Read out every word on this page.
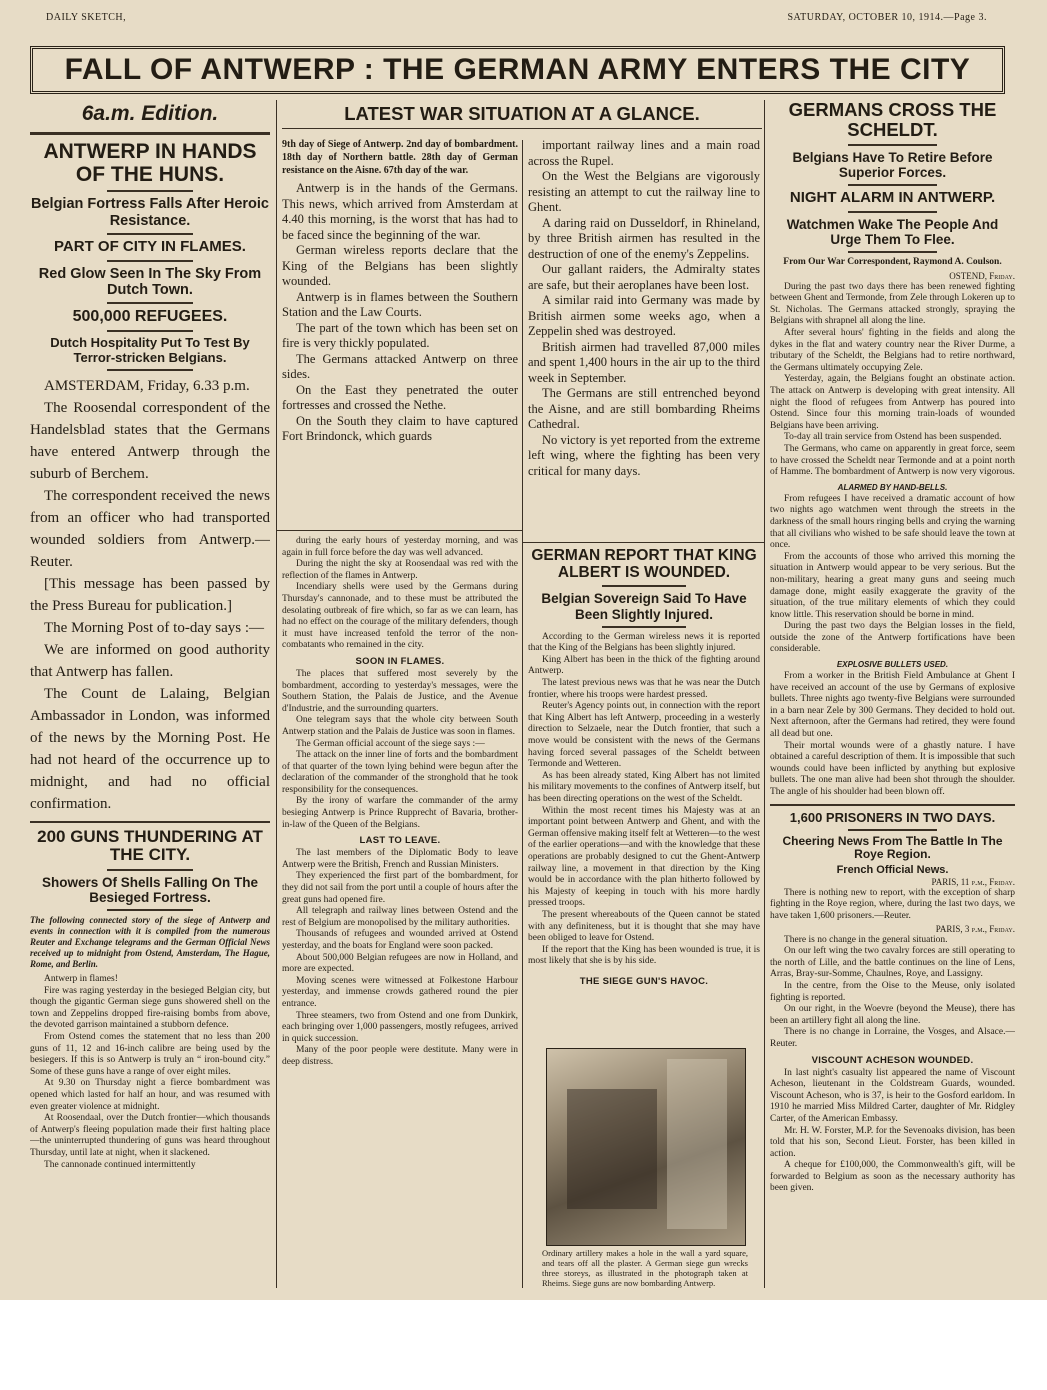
DAILY SKETCH,	SATURDAY, OCTOBER 10, 1914.—Page 3.
FALL OF ANTWERP : THE GERMAN ARMY ENTERS THE CITY
6a.m. Edition.
ANTWERP IN HANDS OF THE HUNS.
Belgian Fortress Falls After Heroic Resistance.
PART OF CITY IN FLAMES.
Red Glow Seen In The Sky From Dutch Town.
500,000 REFUGEES.
Dutch Hospitality Put To Test By Terror-stricken Belgians.

AMSTERDAM, Friday, 6.33 p.m.

The Roosendal correspondent of the Handelsblad states that the Germans have entered Antwerp through the suburb of Berchem.

The correspondent received the news from an officer who had transported wounded soldiers from Antwerp.—Reuter.

[This message has been passed by the Press Bureau for publication.]

The Morning Post of to-day says :—

We are informed on good authority that Antwerp has fallen.

The Count de Lalaing, Belgian Ambassador in London, was informed of the news by the Morning Post. He had not heard of the occurrence up to midnight, and had no official confirmation.

200 GUNS THUNDERING AT THE CITY.
Showers Of Shells Falling On The Besieged Fortress.

The following connected story of the siege of Antwerp and events in connection with it is compiled from the numerous Reuter and Exchange telegrams and the German Official News received up to midnight from Ostend, Amsterdam, The Hague, Rome, and Berlin.

Antwerp in flames!

Fire was raging yesterday in the besieged Belgian city, but though the gigantic German siege guns showered shell on the town and Zeppelins dropped fire-raising bombs from above, the devoted garrison maintained a stubborn defence.

From Ostend comes the statement that no less than 200 guns of 11, 12 and 16-inch calibre are being used by the besiegers. If this is so Antwerp is truly an “ iron-bound city.” Some of these guns have a range of over eight miles.

At 9.30 on Thursday night a fierce bombardment was opened which lasted for half an hour, and was resumed with even greater violence at midnight.

At Roosendaal, over the Dutch frontier—which thousands of Antwerp's fleeing population made their first halting place—the uninterrupted thundering of guns was heard throughout Thursday, until late at night, when it slackened.

The cannonade continued intermittently

LATEST WAR SITUATION AT A GLANCE.

9th day of Siege of Antwerp. 2nd day of bombardment. 18th day of Northern battle. 28th day of German resistance on the Aisne. 67th day of the war.

Antwerp is in the hands of the Germans. This news, which arrived from Amsterdam at 4.40 this morning, is the worst that has had to be faced since the beginning of the war.

German wireless reports declare that the King of the Belgians has been slightly wounded.

Antwerp is in flames between the Southern Station and the Law Courts.

The part of the town which has been set on fire is very thickly populated.

The Germans attacked Antwerp on three sides.

On the East they penetrated the outer fortresses and crossed the Nethe.

On the South they claim to have captured Fort Brindonck, which guards

important railway lines and a main road across the Rupel.

On the West the Belgians are vigorously resisting an attempt to cut the railway line to Ghent.

A daring raid on Dusseldorf, in Rhineland, by three British airmen has resulted in the destruction of one of the enemy's Zeppelins.

Our gallant raiders, the Admiralty states are safe, but their aeroplanes have been lost.

A similar raid into Germany was made by British airmen some weeks ago, when a Zeppelin shed was destroyed.

British airmen had travelled 87,000 miles and spent 1,400 hours in the air up to the third week in September.

The Germans are still entrenched beyond the Aisne, and are still bombarding Rheims Cathedral.

No victory is yet reported from the extreme left wing, where the fighting has been very critical for many days.

during the early hours of yesterday morning, and was again in full force before the day was well advanced.

During the night the sky at Roosendaal was red with the reflection of the flames in Antwerp.

Incendiary shells were used by the Germans during Thursday's cannonade, and to these must be attributed the desolating outbreak of fire which, so far as we can learn, has had no effect on the courage of the military defenders, though it must have increased tenfold the terror of the non-combatants who remained in the city.

SOON IN FLAMES.

The places that suffered most severely by the bombardment, according to yesterday's messages, were the Southern Station, the Palais de Justice, and the Avenue d'Industrie, and the surrounding quarters.

One telegram says that the whole city between South Antwerp station and the Palais de Justice was soon in flames.

The German official account of the siege says :—

The attack on the inner line of forts and the bombardment of that quarter of the town lying behind were begun after the declaration of the commander of the stronghold that he took responsibility for the consequences.

By the irony of warfare the commander of the army besieging Antwerp is Prince Rupprecht of Bavaria, brother-in-law of the Queen of the Belgians.

LAST TO LEAVE.

The last members of the Diplomatic Body to leave Antwerp were the British, French and Russian Ministers.

They experienced the first part of the bombardment, for they did not sail from the port until a couple of hours after the great guns had opened fire.

All telegraph and railway lines between Ostend and the rest of Belgium are monopolised by the military authorities.

Thousands of refugees and wounded arrived at Ostend yesterday, and the boats for England were soon packed.

About 500,000 Belgian refugees are now in Holland, and more are expected.

Moving scenes were witnessed at Folkestone Harbour yesterday, and immense crowds gathered round the pier entrance.

Three steamers, two from Ostend and one from Dunkirk, each bringing over 1,000 passengers, mostly refugees, arrived in quick succession.

Many of the poor people were destitute. Many were in deep distress.

GERMAN REPORT THAT KING ALBERT IS WOUNDED.
Belgian Sovereign Said To Have Been Slightly Injured.

According to the German wireless news it is reported that the King of the Belgians has been slightly injured.

King Albert has been in the thick of the fighting around Antwerp.

The latest previous news was that he was near the Dutch frontier, where his troops were hardest pressed.

Reuter's Agency points out, in connection with the report that King Albert has left Antwerp, proceeding in a westerly direction to Selzaele, near the Dutch frontier, that such a move would be consistent with the news of the Germans having forced several passages of the Scheldt between Termonde and Wetteren.

As has been already stated, King Albert has not limited his military movements to the confines of Antwerp itself, but has been directing operations on the west of the Scheldt.

Within the most recent times his Majesty was at an important point between Antwerp and Ghent, and with the German offensive making itself felt at Wetteren—to the west of the earlier operations—and with the knowledge that these operations are probably designed to cut the Ghent-Antwerp railway line, a movement in that direction by the King would be in accordance with the plan hitherto followed by his Majesty of keeping in touch with his more hardly pressed troops.

The present whereabouts of the Queen cannot be stated with any definiteness, but it is thought that she may have been obliged to leave for Ostend.

If the report that the King has been wounded is true, it is most likely that she is by his side.

THE SIEGE GUN'S HAVOC.

Ordinary artillery makes a hole in the wall a yard square, and tears off all the plaster. A German siege gun wrecks three storeys, as illustrated in the photograph taken at Rheims. Siege guns are now bombarding Antwerp.

GERMANS CROSS THE SCHELDT.
Belgians Have To Retire Before Superior Forces.
NIGHT ALARM IN ANTWERP.
Watchmen Wake The People And Urge Them To Flee.

From Our War Correspondent, Raymond A. Coulson.

OSTEND, Friday.

During the past two days there has been renewed fighting between Ghent and Termonde, from Zele through Lokeren up to St. Nicholas. The Germans attacked strongly, spraying the Belgians with shrapnel all along the line.

After several hours' fighting in the fields and along the dykes in the flat and watery country near the River Durme, a tributary of the Scheldt, the Belgians had to retire northward, the Germans ultimately occupying Zele.

Yesterday, again, the Belgians fought an obstinate action. The attack on Antwerp is developing with great intensity. All night the flood of refugees from Antwerp has poured into Ostend. Since four this morning train-loads of wounded Belgians have been arriving.

To-day all train service from Ostend has been suspended.

The Germans, who came on apparently in great force, seem to have crossed the Scheldt near Termonde and at a point north of Hamme. The bombardment of Antwerp is now very vigorous.

ALARMED BY HAND-BELLS.

From refugees I have received a dramatic account of how two nights ago watchmen went through the streets in the darkness of the small hours ringing bells and crying the warning that all civilians who wished to be safe should leave the town at once.

From the accounts of those who arrived this morning the situation in Antwerp would appear to be very serious. But the non-military, hearing a great many guns and seeing much damage done, might easily exaggerate the gravity of the situation, of the true military elements of which they could know little. This reservation should be borne in mind.

During the past two days the Belgian losses in the field, outside the zone of the Antwerp fortifications have been considerable.

EXPLOSIVE BULLETS USED.

From a worker in the British Field Ambulance at Ghent I have received an account of the use by Germans of explosive bullets. Three nights ago twenty-five Belgians were surrounded in a barn near Zele by 300 Germans. They decided to hold out. Next afternoon, after the Germans had retired, they were found all dead but one.

Their mortal wounds were of a ghastly nature. I have obtained a careful description of them. It is impossible that such wounds could have been inflicted by anything but explosive bullets. The one man alive had been shot through the shoulder. The angle of his shoulder had been blown off.

1,600 PRISONERS IN TWO DAYS.
Cheering News From The Battle In The Roye Region.
French Official News.

PARIS, 11 p.m., Friday.

There is nothing new to report, with the exception of sharp fighting in the Roye region, where, during the last two days, we have taken 1,600 prisoners.—Reuter.

PARIS, 3 p.m., Friday.

There is no change in the general situation.

On our left wing the two cavalry forces are still operating to the north of Lille, and the battle continues on the line of Lens, Arras, Bray-sur-Somme, Chaulnes, Roye, and Lassigny.

In the centre, from the Oise to the Meuse, only isolated fighting is reported.

On our right, in the Woevre (beyond the Meuse), there has been an artillery fight all along the line.

There is no change in Lorraine, the Vosges, and Alsace.—Reuter.

VISCOUNT ACHESON WOUNDED.

In last night's casualty list appeared the name of Viscount Acheson, lieutenant in the Coldstream Guards, wounded. Viscount Acheson, who is 37, is heir to the Gosford earldom. In 1910 he married Miss Mildred Carter, daughter of Mr. Ridgley Carter, of the American Embassy.

Mr. H. W. Forster, M.P. for the Sevenoaks division, has been told that his son, Second Lieut. Forster, has been killed in action.

A cheque for £100,000, the Commonwealth's gift, will be forwarded to Belgium as soon as the necessary authority has been given.
